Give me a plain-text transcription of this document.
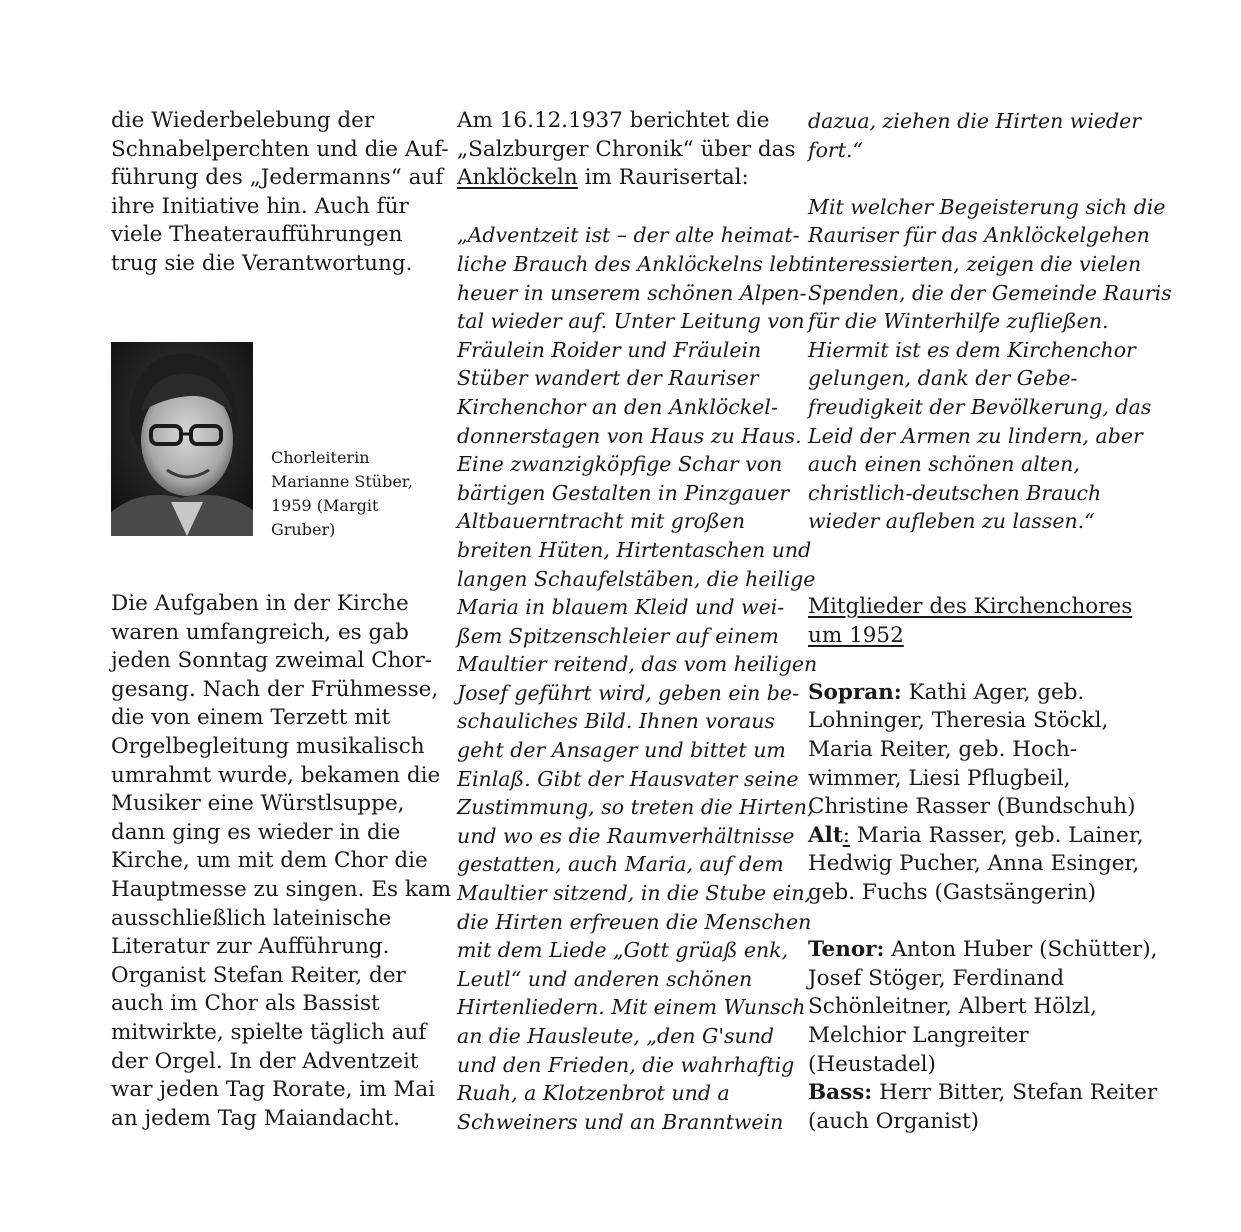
die Wiederbelebung der
Schnabelperchten und die Auf-
führung des „Jedermanns“ auf
ihre Initiative hin. Auch für
viele Theateraufführungen
trug sie die Verantwortung.
Chorleiterin
Marianne Stüber,
1959 (Margit
Gruber)
Die Aufgaben in der Kirche
waren umfangreich, es gab
jeden Sonntag zweimal Chor-
gesang. Nach der Frühmesse,
die von einem Terzett mit
Orgelbegleitung musikalisch
umrahmt wurde, bekamen die
Musiker eine Würstlsuppe,
dann ging es wieder in die
Kirche, um mit dem Chor die
Hauptmesse zu singen. Es kam
ausschließlich lateinische
Literatur zur Aufführung.
Organist Stefan Reiter, der
auch im Chor als Bassist
mitwirkte, spielte täglich auf
der Orgel. In der Adventzeit
war jeden Tag Rorate, im Mai
an jedem Tag Maiandacht.
Am 16.12.1937 berichtet die
„Salzburger Chronik“ über das
Anklöckeln im Raurisertal:
„Adventzeit ist – der alte heimat-
liche Brauch des Anklöckelns lebt
heuer in unserem schönen Alpen-
tal wieder auf. Unter Leitung von
Fräulein Roider und Fräulein
Stüber wandert der Rauriser
Kirchenchor an den Anklöckel-
donnerstagen von Haus zu Haus.
Eine zwanzigköpfige Schar von
bärtigen Gestalten in Pinzgauer
Altbauerntracht mit großen
breiten Hüten, Hirtentaschen und
langen Schaufelstäben, die heilige
Maria in blauem Kleid und wei-
ßem Spitzenschleier auf einem
Maultier reitend, das vom heiligen
Josef geführt wird, geben ein be-
schauliches Bild. Ihnen voraus
geht der Ansager und bittet um
Einlaß. Gibt der Hausvater seine
Zustimmung, so treten die Hirten,
und wo es die Raumverhältnisse
gestatten, auch Maria, auf dem
Maultier sitzend, in die Stube ein,
die Hirten erfreuen die Menschen
mit dem Liede „Gott grüaß enk,
Leutl“ und anderen schönen
Hirtenliedern. Mit einem Wunsch
an die Hausleute, „den G'sund
und den Frieden, die wahrhaftig
Ruah, a Klotzenbrot und a
Schweiners und an Branntwein
dazua, ziehen die Hirten wieder
fort.“
Mit welcher Begeisterung sich die
Rauriser für das Anklöckelgehen
interessierten, zeigen die vielen
Spenden, die der Gemeinde Rauris
für die Winterhilfe zufließen.
Hiermit ist es dem Kirchenchor
gelungen, dank der Gebe-
freudigkeit der Bevölkerung, das
Leid der Armen zu lindern, aber
auch einen schönen alten,
christlich-deutschen Brauch
wieder aufleben zu lassen.“
Mitglieder des Kirchenchores
um 1952
Sopran: Kathi Ager, geb.
Lohninger, Theresia Stöckl,
Maria Reiter, geb. Hoch-
wimmer, Liesi Pflugbeil,
Christine Rasser (Bundschuh)
Alt: Maria Rasser, geb. Lainer,
Hedwig Pucher, Anna Esinger,
geb. Fuchs (Gastsängerin)
Tenor: Anton Huber (Schütter),
Josef Stöger, Ferdinand
Schönleitner, Albert Hölzl,
Melchior Langreiter
(Heustadel)
Bass: Herr Bitter, Stefan Reiter
(auch Organist)
